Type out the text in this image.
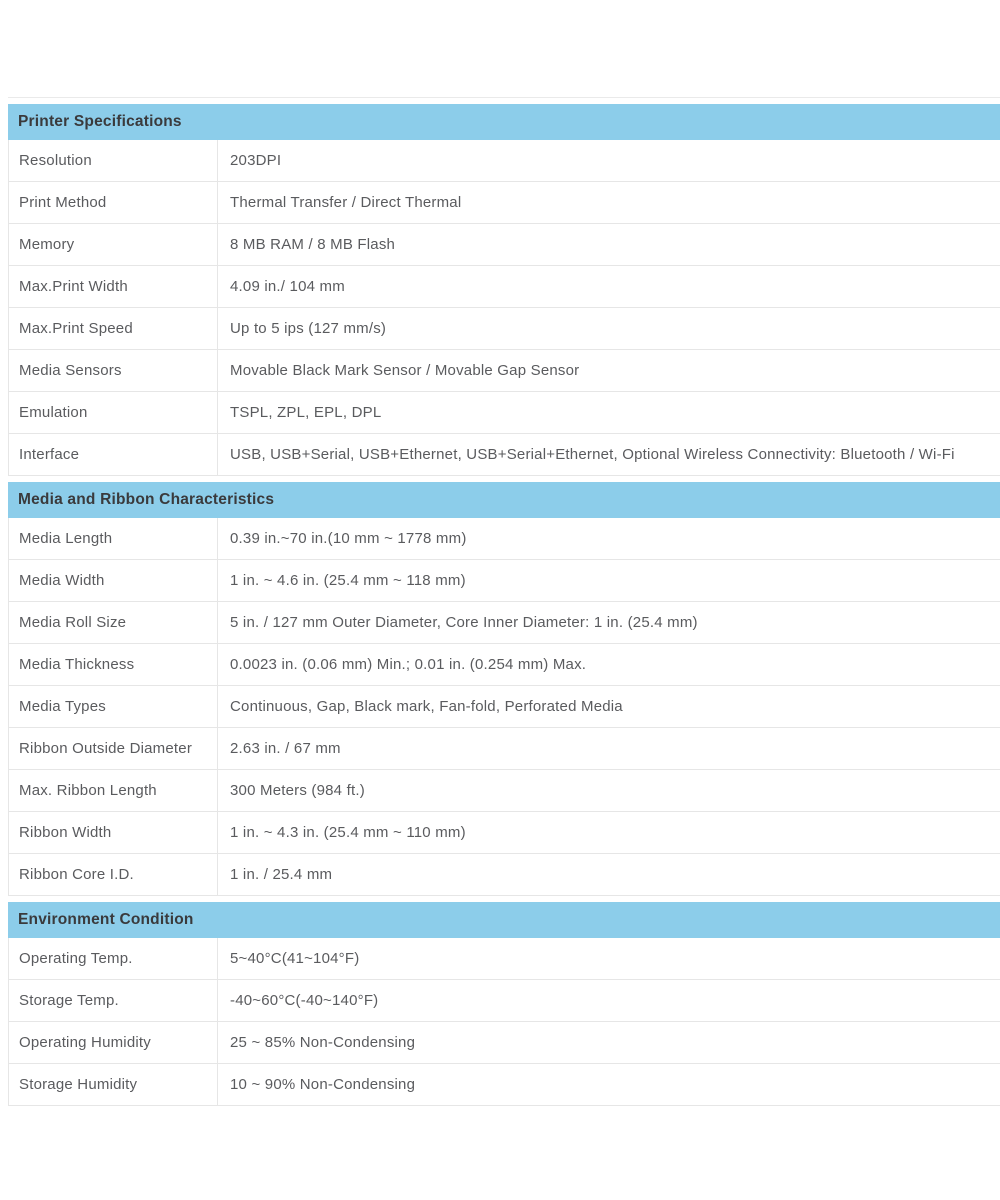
Printer Specifications
Resolution	203DPI
Print Method	Thermal Transfer / Direct Thermal
Memory	8 MB RAM / 8 MB Flash
Max.Print Width	4.09 in./ 104 mm
Max.Print Speed	Up to 5 ips (127 mm/s)
Media Sensors	Movable Black Mark Sensor / Movable Gap Sensor
Emulation	TSPL, ZPL, EPL, DPL
Interface	USB, USB+Serial, USB+Ethernet, USB+Serial+Ethernet, Optional Wireless Connectivity: Bluetooth / Wi-Fi
Media and Ribbon Characteristics
Media Length	0.39 in.~70 in.(10 mm ~ 1778 mm)
Media Width	1 in. ~ 4.6 in. (25.4 mm ~ 118 mm)
Media Roll Size	5 in. / 127 mm Outer Diameter, Core Inner Diameter: 1 in. (25.4 mm)
Media Thickness	0.0023 in. (0.06 mm) Min.; 0.01 in. (0.254 mm) Max.
Media Types	Continuous, Gap, Black mark, Fan-fold, Perforated Media
Ribbon Outside Diameter	2.63 in. / 67 mm
Max. Ribbon Length	300 Meters (984 ft.)
Ribbon Width	1 in. ~ 4.3 in. (25.4 mm ~ 110 mm)
Ribbon Core I.D.	1 in. / 25.4 mm
Environment Condition
Operating Temp.	5~40°C(41~104°F)
Storage Temp.	-40~60°C(-40~140°F)
Operating Humidity	25 ~ 85% Non-Condensing
Storage Humidity	10 ~ 90% Non-Condensing
